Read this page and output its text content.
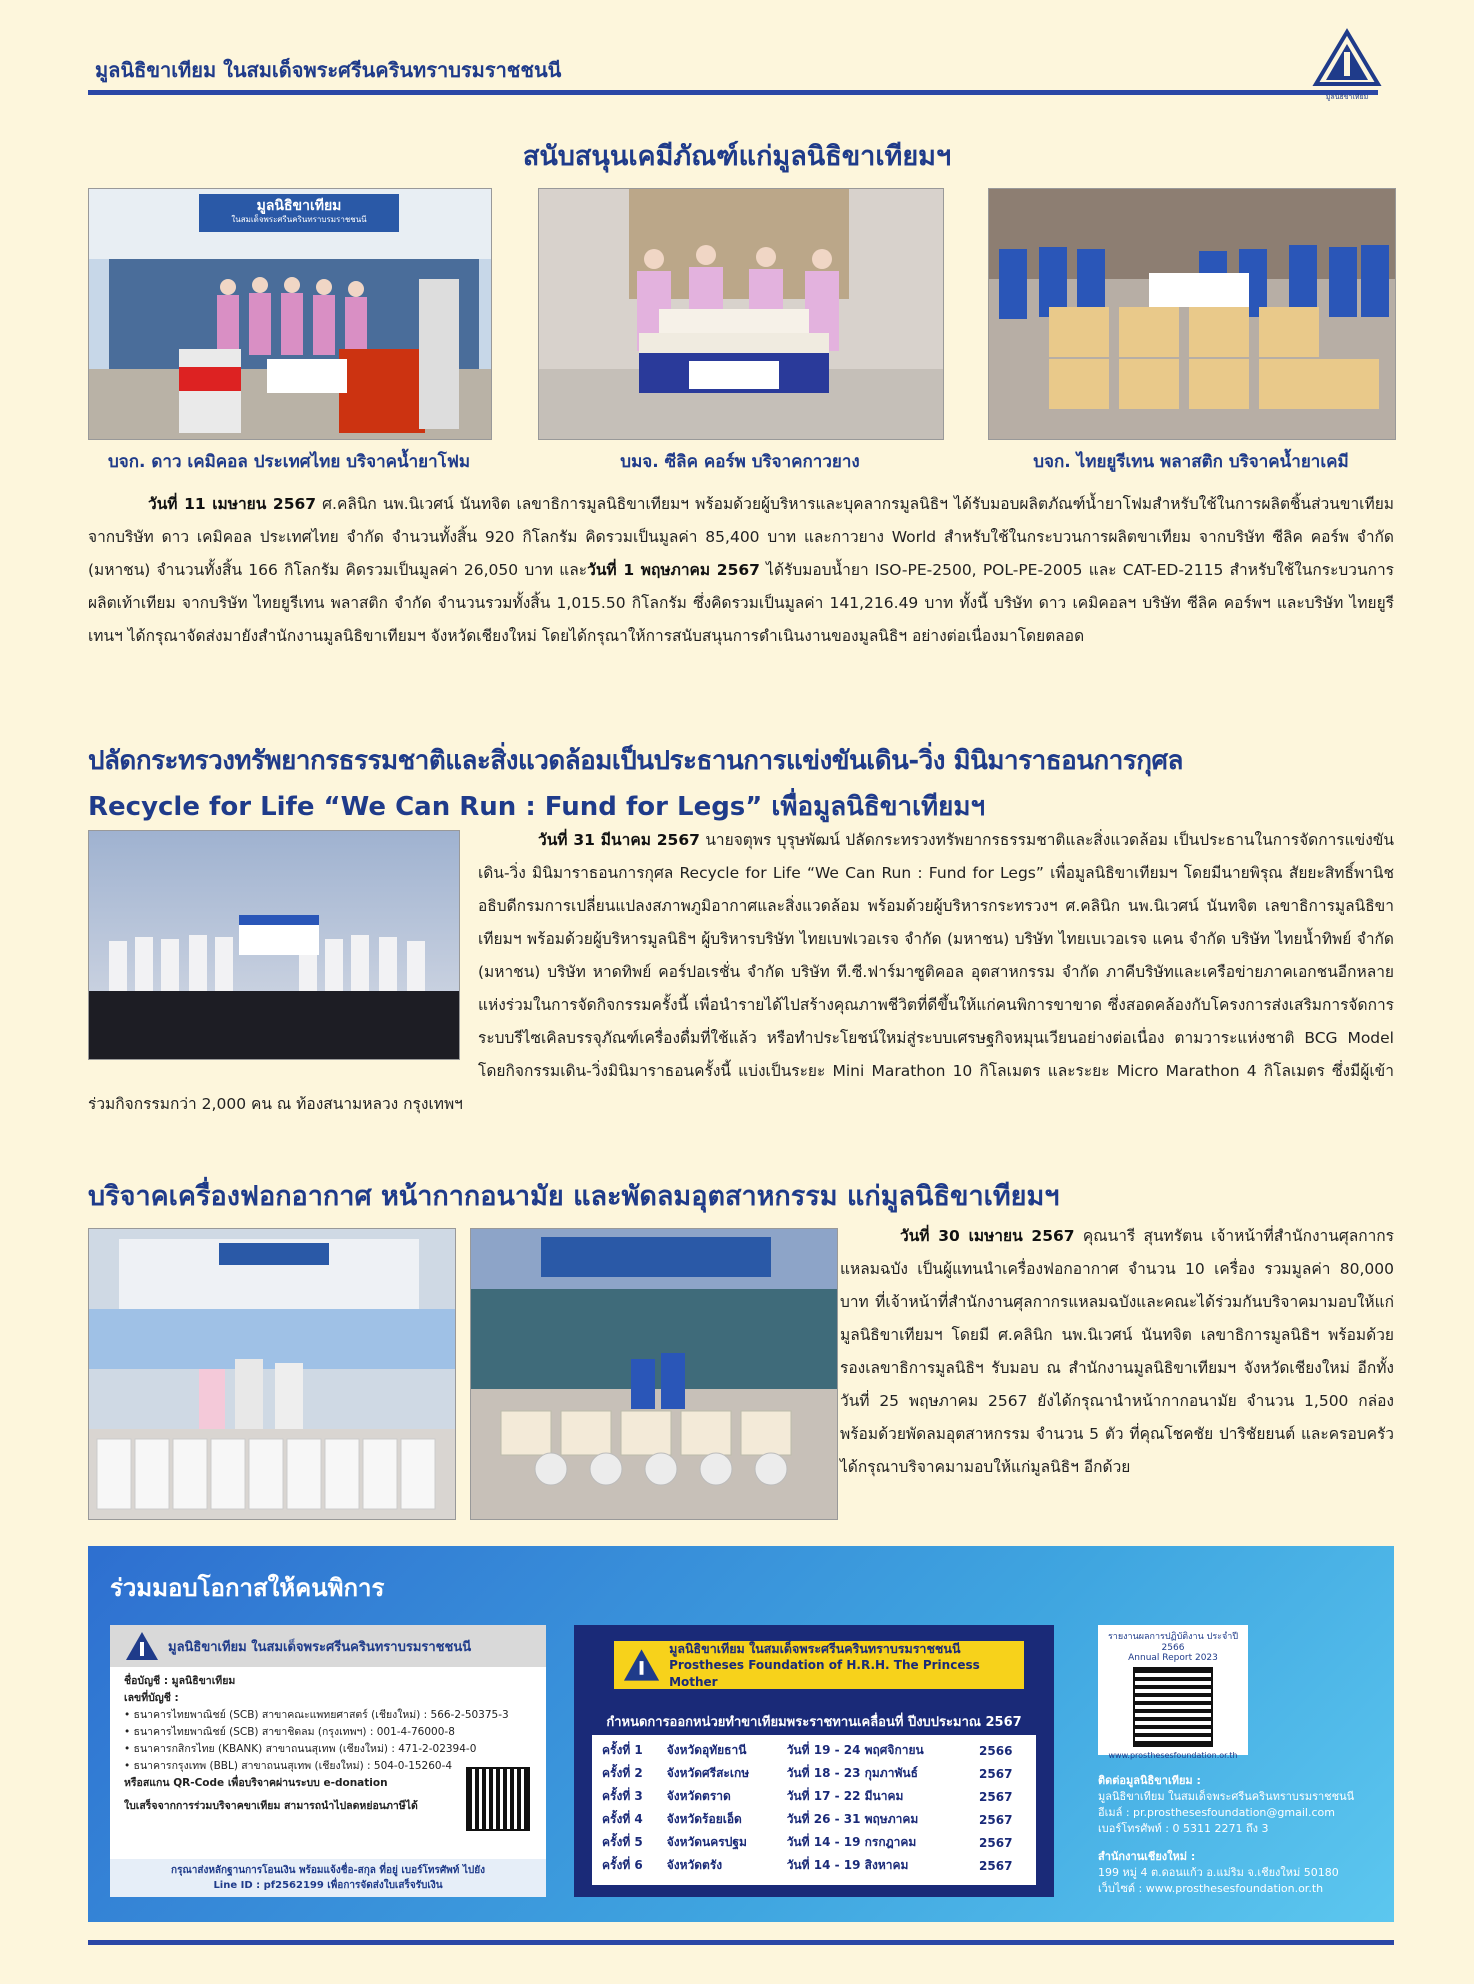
มูลนิธิขาเทียม ในสมเด็จพระศรีนครินทราบรมราชชนนี
มูลนิธิขาเทียม
สนับสนุนเคมีภัณฑ์แก่มูลนิธิขาเทียมฯ
มูลนิธิขาเทียม
ในสมเด็จพระศรีนครินทราบรมราชชนนี
บจก. ดาว เคมิคอล ประเทศไทย บริจาคน้ำยาโฟม	บมจ. ซีลิค คอร์พ บริจาคกาวยาง	บจก. ไทยยูรีเทน พลาสติก บริจาคน้ำยาเคมี
วันที่ 11 เมษายน 2567 ศ.คลินิก นพ.นิเวศน์ นันทจิต เลขาธิการมูลนิธิขาเทียมฯ พร้อมด้วยผู้บริหารและบุคลากรมูลนิธิฯ ได้รับมอบผลิตภัณฑ์น้ำยาโฟมสำหรับใช้ในการผลิตชิ้นส่วนขาเทียม จากบริษัท ดาว เคมิคอล ประเทศไทย จำกัด จำนวนทั้งสิ้น 920 กิโลกรัม คิดรวมเป็นมูลค่า 85,400 บาท และกาวยาง World สำหรับใช้ในกระบวนการผลิตขาเทียม จากบริษัท ซีลิค คอร์พ จำกัด (มหาชน) จำนวนทั้งสิ้น 166 กิโลกรัม คิดรวมเป็นมูลค่า 26,050 บาท และวันที่ 1 พฤษภาคม 2567 ได้รับมอบน้ำยา ISO-PE-2500, POL-PE-2005 และ CAT-ED-2115 สำหรับใช้ในกระบวนการผลิตเท้าเทียม จากบริษัท ไทยยูรีเทน พลาสติก จำกัด จำนวนรวมทั้งสิ้น 1,015.50 กิโลกรัม ซึ่งคิดรวมเป็นมูลค่า 141,216.49 บาท ทั้งนี้ บริษัท ดาว เคมิคอลฯ บริษัท ซีลิค คอร์พฯ และบริษัท ไทยยูรีเทนฯ ได้กรุณาจัดส่งมายังสำนักงานมูลนิธิขาเทียมฯ จังหวัดเชียงใหม่ โดยได้กรุณาให้การสนับสนุนการดำเนินงานของมูลนิธิฯ อย่างต่อเนื่องมาโดยตลอด
ปลัดกระทรวงทรัพยากรธรรมชาติและสิ่งแวดล้อมเป็นประธานการแข่งขันเดิน-วิ่ง มินิมาราธอนการกุศล
Recycle for Life “We Can Run : Fund for Legs” เพื่อมูลนิธิขาเทียมฯ

วันที่ 31 มีนาคม 2567 นายจตุพร บุรุษพัฒน์ ปลัดกระทรวงทรัพยากรธรรมชาติและสิ่งแวดล้อม เป็นประธานในการจัดการแข่งขันเดิน-วิ่ง มินิมาราธอนการกุศล Recycle for Life “We Can Run : Fund for Legs” เพื่อมูลนิธิขาเทียมฯ โดยมีนายพิรุณ สัยยะสิทธิ์พานิช อธิบดีกรมการเปลี่ยนแปลงสภาพภูมิอากาศและสิ่งแวดล้อม พร้อมด้วยผู้บริหารกระทรวงฯ ศ.คลินิก นพ.นิเวศน์ นันทจิต เลขาธิการมูลนิธิขาเทียมฯ พร้อมด้วยผู้บริหารมูลนิธิฯ ผู้บริหารบริษัท ไทยเบฟเวอเรจ จำกัด (มหาชน) บริษัท ไทยเบเวอเรจ แคน จำกัด บริษัท ไทยน้ำทิพย์ จำกัด (มหาชน) บริษัท หาดทิพย์ คอร์ปอเรชั่น จำกัด บริษัท ที.ซี.ฟาร์มาซูติคอล อุตสาหกรรม จำกัด ภาคีบริษัทและเครือข่ายภาคเอกชนอีกหลายแห่งร่วมในการจัดกิจกรรมครั้งนี้ เพื่อนำรายได้ไปสร้างคุณภาพชีวิตที่ดีขึ้นให้แก่คนพิการขาขาด ซึ่งสอดคล้องกับโครงการส่งเสริมการจัดการระบบรีไซเคิลบรรจุภัณฑ์เครื่องดื่มที่ใช้แล้ว หรือทำประโยชน์ใหม่สู่ระบบเศรษฐกิจหมุนเวียนอย่างต่อเนื่อง ตามวาระแห่งชาติ BCG Model โดยกิจกรรมเดิน-วิ่งมินิมาราธอนครั้งนี้ แบ่งเป็นระยะ Mini Marathon 10 กิโลเมตร และระยะ Micro Marathon 4 กิโลเมตร ซึ่งมีผู้เข้าร่วมกิจกรรมกว่า 2,000 คน ณ ท้องสนามหลวง กรุงเทพฯ

บริจาคเครื่องฟอกอากาศ หน้ากากอนามัย และพัดลมอุตสาหกรรม แก่มูลนิธิขาเทียมฯ

วันที่ 30 เมษายน 2567 คุณนารี สุนทรัตน เจ้าหน้าที่สำนักงานศุลกากรแหลมฉบัง เป็นผู้แทนนำเครื่องฟอกอากาศ จำนวน 10 เครื่อง รวมมูลค่า 80,000 บาท ที่เจ้าหน้าที่สำนักงานศุลกากรแหลมฉบังและคณะได้ร่วมกันบริจาคมามอบให้แก่มูลนิธิขาเทียมฯ โดยมี ศ.คลินิก นพ.นิเวศน์ นันทจิต เลขาธิการมูลนิธิฯ พร้อมด้วยรองเลขาธิการมูลนิธิฯ รับมอบ ณ สำนักงานมูลนิธิขาเทียมฯ จังหวัดเชียงใหม่ อีกทั้งวันที่ 25 พฤษภาคม 2567 ยังได้กรุณานำหน้ากากอนามัย จำนวน 1,500 กล่อง พร้อมด้วยพัดลมอุตสาหกรรม จำนวน 5 ตัว ที่คุณโชคชัย ปาริชัยยนต์ และครอบครัวได้กรุณาบริจาคมามอบให้แก่มูลนิธิฯ อีกด้วย

ร่วมมอบโอกาสให้คนพิการ
มูลนิธิขาเทียม ในสมเด็จพระศรีนครินทราบรมราชชนนี
ชื่อบัญชี : มูลนิธิขาเทียม
เลขที่บัญชี :
• ธนาคารไทยพาณิชย์ (SCB) สาขาคณะแพทยศาสตร์ (เชียงใหม่) : 566-2-50375-3
• ธนาคารไทยพาณิชย์ (SCB) สาขาชิดลม (กรุงเทพฯ) : 001-4-76000-8
• ธนาคารกสิกรไทย (KBANK) สาขาถนนสุเทพ (เชียงใหม่) : 471-2-02394-0
• ธนาคารกรุงเทพ (BBL) สาขาถนนสุเทพ (เชียงใหม่) : 504-0-15260-4
หรือสแกน QR-Code เพื่อบริจาคผ่านระบบ e-donation
ใบเสร็จจากการร่วมบริจาคขาเทียม สามารถนำไปลดหย่อนภาษีได้
กรุณาส่งหลักฐานการโอนเงิน พร้อมแจ้งชื่อ-สกุล ที่อยู่ เบอร์โทรศัพท์ ไปยัง
Line ID : pf2562199 เพื่อการจัดส่งใบเสร็จรับเงิน
มูลนิธิขาเทียม ในสมเด็จพระศรีนครินทราบรมราชชนนี
Prostheses Foundation of H.R.H. The Princess Mother
กำหนดการออกหน่วยทำขาเทียมพระราชทานเคลื่อนที่ ปีงบประมาณ 2567
ครั้งที่ 1	จังหวัดอุทัยธานี	วันที่ 19 - 24 พฤศจิกายน	2566
ครั้งที่ 2	จังหวัดศรีสะเกษ	วันที่ 18 - 23 กุมภาพันธ์	2567
ครั้งที่ 3	จังหวัดตราด	วันที่ 17 - 22 มีนาคม	2567
ครั้งที่ 4	จังหวัดร้อยเอ็ด	วันที่ 26 - 31 พฤษภาคม	2567
ครั้งที่ 5	จังหวัดนครปฐม	วันที่ 14 - 19 กรกฎาคม	2567
ครั้งที่ 6	จังหวัดตรัง	วันที่ 14 - 19 สิงหาคม	2567
รายงานผลการปฏิบัติงาน ประจำปี 2566
Annual Report 2023
www.prosthesesfoundation.or.th
ติดต่อมูลนิธิขาเทียม :
มูลนิธิขาเทียม ในสมเด็จพระศรีนครินทราบรมราชชนนี
อีเมล์ : pr.prosthesesfoundation@gmail.com
เบอร์โทรศัพท์ : 0 5311 2271 ถึง 3
สำนักงานเชียงใหม่ :
199 หมู่ 4 ต.ดอนแก้ว อ.แม่ริม จ.เชียงใหม่ 50180
เว็บไซต์ : www.prosthesesfoundation.or.th
